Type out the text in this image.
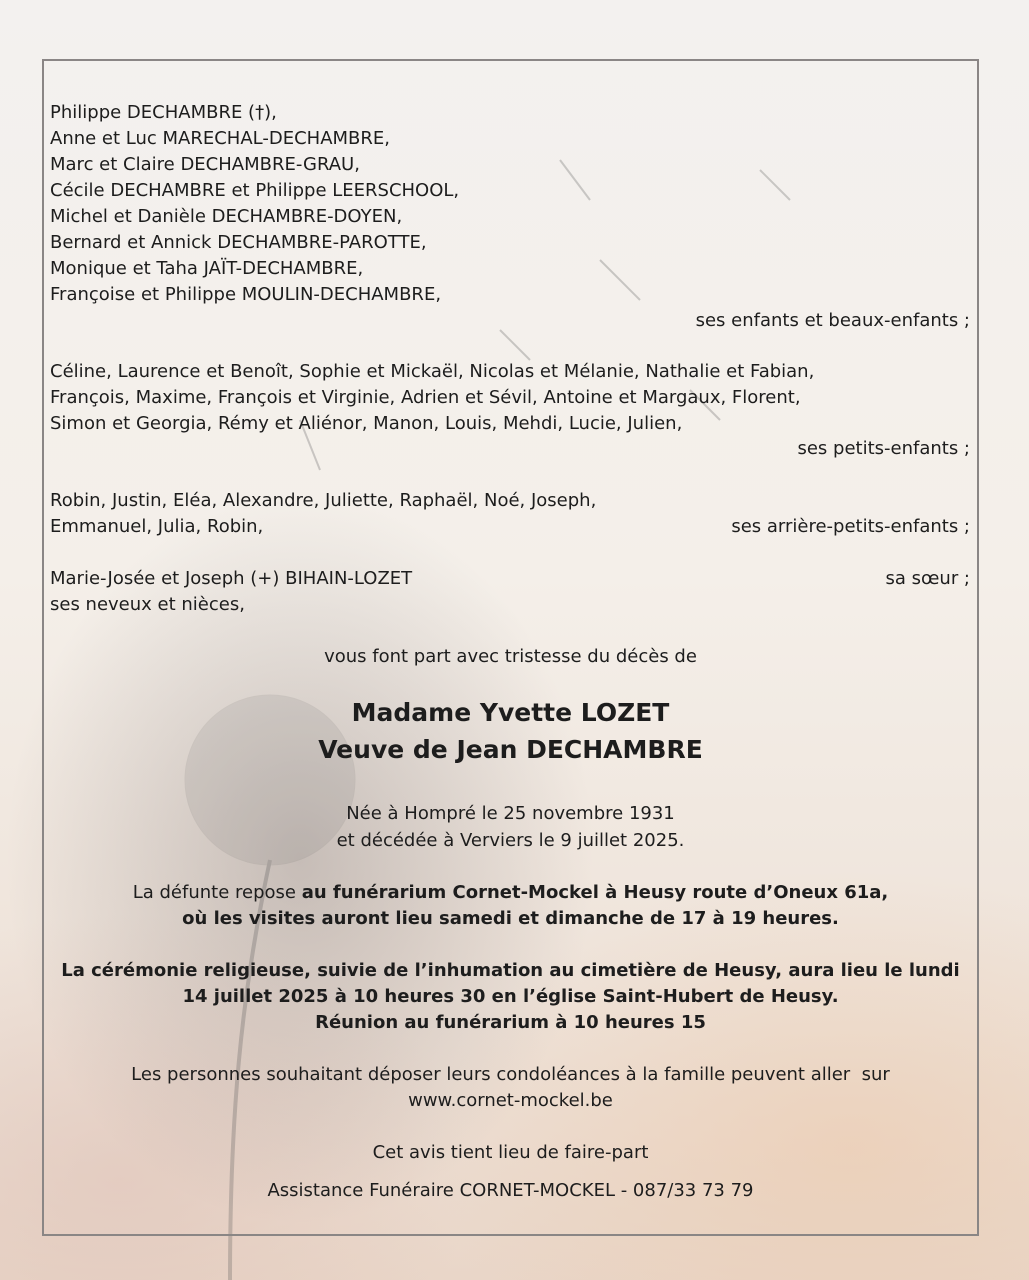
Philippe DECHAMBRE (†),
Anne et Luc MARECHAL-DECHAMBRE,
Marc et Claire DECHAMBRE-GRAU,
Cécile DECHAMBRE et Philippe LEERSCHOOL,
Michel et Danièle DECHAMBRE-DOYEN,
Bernard et Annick DECHAMBRE-PAROTTE,
Monique et Taha JAÏT-DECHAMBRE,
Françoise et Philippe MOULIN-DECHAMBRE,
ses enfants et beaux-enfants ;
Céline, Laurence et Benoît, Sophie et Mickaël, Nicolas et Mélanie, Nathalie et Fabian,
François, Maxime, François et Virginie, Adrien et Sévil, Antoine et Margaux, Florent,
Simon et Georgia, Rémy et Aliénor, Manon, Louis, Mehdi, Lucie, Julien,
ses petits-enfants ;
Robin, Justin, Eléa, Alexandre, Juliette, Raphaël, Noé, Joseph,
Emmanuel, Julia, Robin,	ses arrière-petits-enfants ;
Marie-Josée et Joseph (+) BIHAIN-LOZET	sa sœur ;
ses neveux et nièces,
vous font part avec tristesse du décès de
Madame Yvette LOZET
Veuve de Jean DECHAMBRE
Née à Hompré le 25 novembre 1931
et décédée à Verviers le 9 juillet 2025.
La défunte repose au funérarium Cornet-Mockel à Heusy route d’Oneux 61a,
où les visites auront lieu samedi et dimanche de 17 à 19 heures.
La cérémonie religieuse, suivie de l’inhumation au cimetière de Heusy, aura lieu le lundi
14 juillet 2025 à 10 heures 30 en l’église Saint-Hubert de Heusy.
Réunion au funérarium à 10 heures 15
Les personnes souhaitant déposer leurs condoléances à la famille peuvent aller  sur
www.cornet-mockel.be
Cet avis tient lieu de faire-part
Assistance Funéraire CORNET-MOCKEL - 087/33 73 79
